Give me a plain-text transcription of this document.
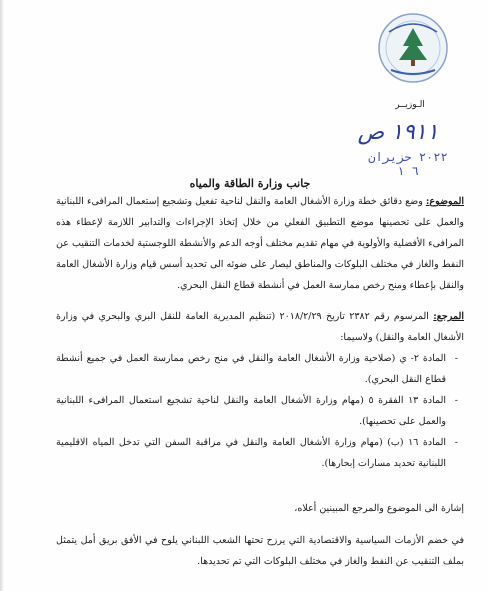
الـوزيــر
١٩١١ ص
٢٠٢٢ حزيران ٦ ١
جانب وزارة الطاقة والمياه
الموضوع: وضع دقائق خطة وزارة الأشغال العامة والنقل لناحية تفعيل وتشجيع إستعمال المرافىء اللبنانية والعمل على تحصينها موضع التطبيق الفعلي من خلال إتخاذ الإجراءات والتدابير اللازمة لإعطاء هذه المرافىء الأفضلية والأولوية في مهام تقديم مختلف أوجه الدعم والأنشطة اللوجستية لخدمات التنقيب عن النفط والغاز في مختلف البلوكات والمناطق ليصار على ضوئه الى تحديد أسس قيام وزارة الأشغال العامة والنقل بإعطاء ومنح رخص ممارسة العمل في أنشطة قطاع النقل البحري.
المرجع: المرسوم رقم ٢٣٨٢ تاريخ ٢٠١٨/٢/٢٩ (تنظيم المديرية العامة للنقل البري والبحري في وزارة الأشغال العامة والنقل) ولاسيما:
- المادة ٢- ي (صلاحية وزارة الأشغال العامة والنقل في منح رخص ممارسة العمل في جميع أنشطة قطاع النقل البحري).
- المادة ١٣ الفقرة ٥ (مهام وزارة الأشغال العامة والنقل لناحية تشجيع استعمال المرافىء اللبنانية والعمل على تحصينها).
- المادة ١٦ (ب) (مهام وزارة الأشغال العامة والنقل في مراقبة السفن التي تدخل المياه الاقليمية اللبنانية تحديد مسارات إبحارها).
إشارة الى الموضوع والمرجع المبينين أعلاه،
في خضم الأزمات السياسية والاقتصادية التي يرزح تحتها الشعب اللبناني يلوح في الأفق بريق أمل يتمثل بملف التنقيب عن النفط والغاز في مختلف البلوكات التي تم تحديدها.
